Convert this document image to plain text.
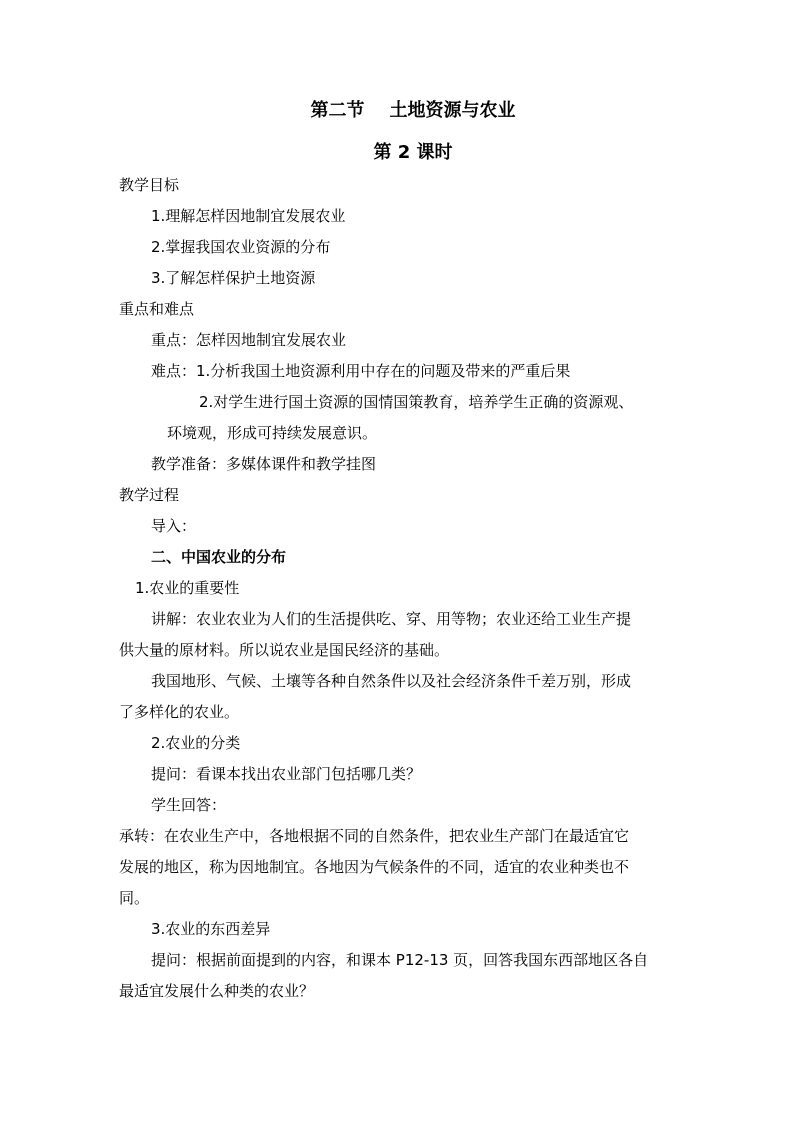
第二节    土地资源与农业
第 2 课时
教学目标
1.理解怎样因地制宜发展农业
2.掌握我国农业资源的分布
3.了解怎样保护土地资源
重点和难点
重点：怎样因地制宜发展农业
难点：1.分析我国土地资源利用中存在的问题及带来的严重后果
2.对学生进行国土资源的国情国策教育，培养学生正确的资源观、
环境观，形成可持续发展意识。
教学准备：多媒体课件和教学挂图
教学过程
导入：
二、中国农业的分布
1.农业的重要性
讲解：农业农业为人们的生活提供吃、穿、用等物；农业还给工业生产提
供大量的原材料。所以说农业是国民经济的基础。
我国地形、气候、土壤等各种自然条件以及社会经济条件千差万别，形成
了多样化的农业。
2.农业的分类
提问：看课本找出农业部门包括哪几类？
学生回答：
承转：在农业生产中，各地根据不同的自然条件，把农业生产部门在最适宜它
发展的地区，称为因地制宜。各地因为气候条件的不同，适宜的农业种类也不
同。
3.农业的东西差异
提问：根据前面提到的内容，和课本 P12-13 页，回答我国东西部地区各自
最适宜发展什么种类的农业？
